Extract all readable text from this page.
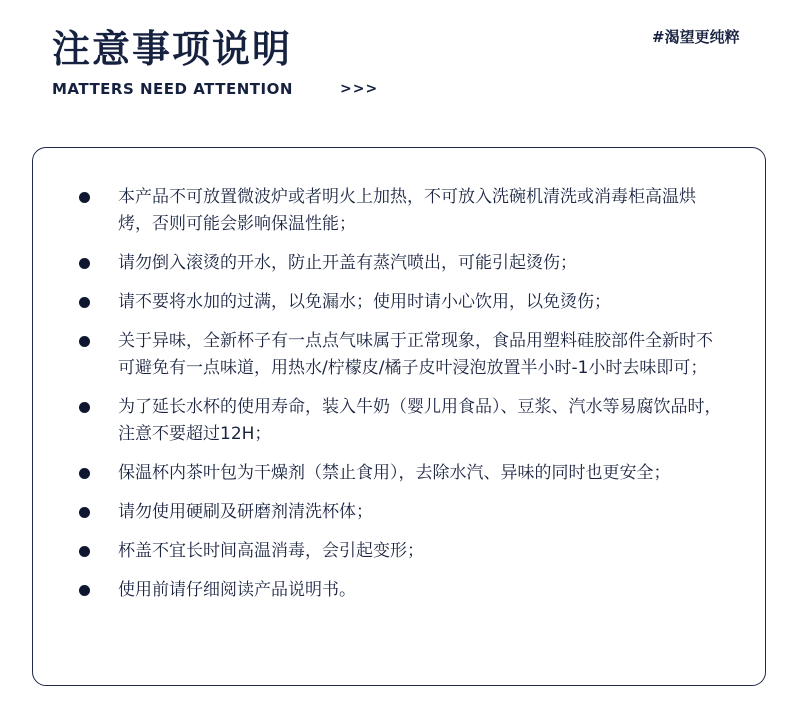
注意事项说明
MATTERS NEED ATTENTION	>>>
#渴望更纯粹
本产品不可放置微波炉或者明火上加热，不可放入洗碗机清洗或消毒柜高温烘烤，否则可能会影响保温性能；
请勿倒入滚烫的开水，防止开盖有蒸汽喷出，可能引起烫伤；
请不要将水加的过满，以免漏水；使用时请小心饮用，以免烫伤；
关于异味，全新杯子有一点点气味属于正常现象，食品用塑料硅胶部件全新时不可避免有一点味道，用热水/柠檬皮/橘子皮叶浸泡放置半小时-1小时去味即可；
为了延长水杯的使用寿命，装入牛奶（婴儿用食品）、豆浆、汽水等易腐饮品时，注意不要超过12H；
保温杯内茶叶包为干燥剂（禁止食用），去除水汽、异味的同时也更安全；
请勿使用硬刷及研磨剂清洗杯体；
杯盖不宜长时间高温消毒，会引起变形；
使用前请仔细阅读产品说明书。
